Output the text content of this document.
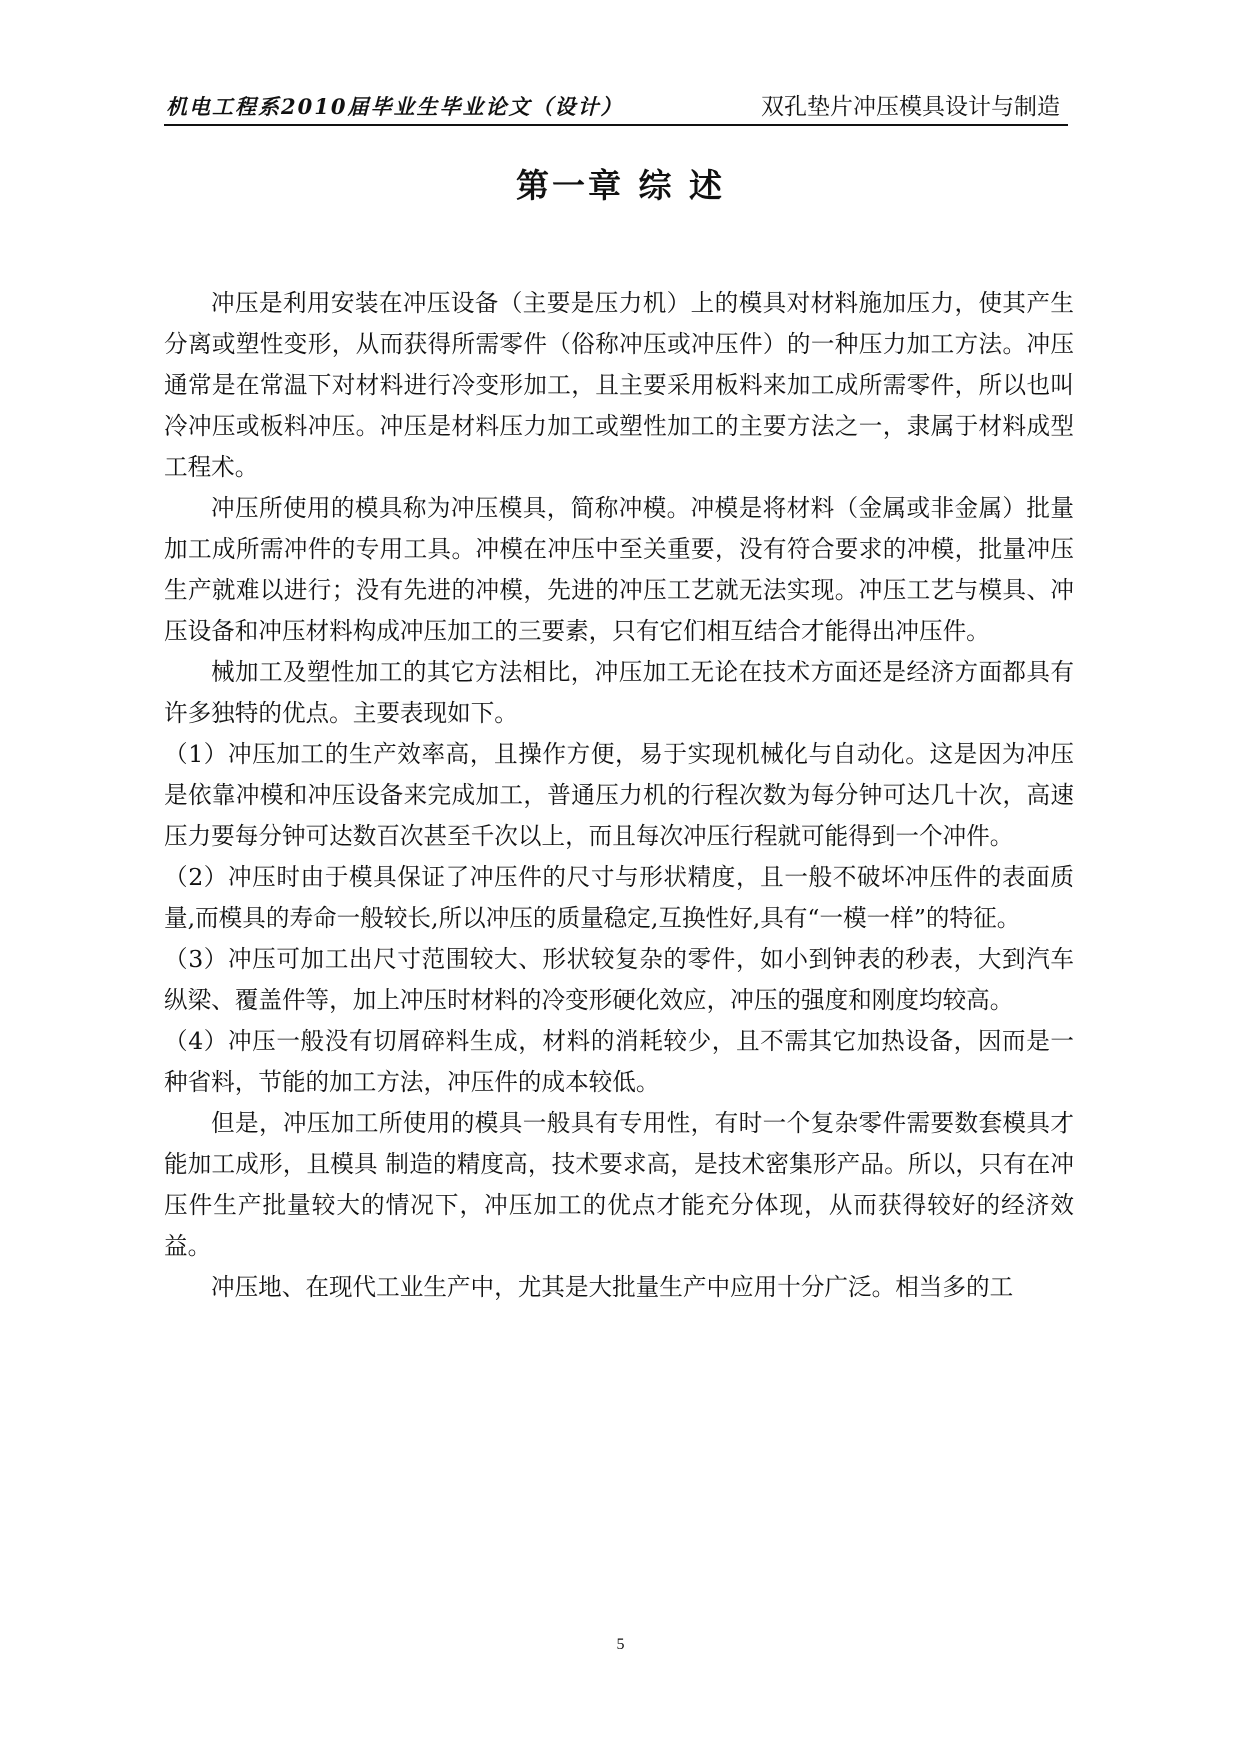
机电工程系2010届毕业生毕业论文（设计）	双孔垫片冲压模具设计与制造
第一章 综 述

冲压是利用安装在冲压设备（主要是压力机）上的模具对材料施加压力，使其产生分离或塑性变形，从而获得所需零件（俗称冲压或冲压件）的一种压力加工方法。冲压通常是在常温下对材料进行冷变形加工，且主要采用板料来加工成所需零件，所以也叫冷冲压或板料冲压。冲压是材料压力加工或塑性加工的主要方法之一，隶属于材料成型工程术。

冲压所使用的模具称为冲压模具，简称冲模。冲模是将材料（金属或非金属）批量加工成所需冲件的专用工具。冲模在冲压中至关重要，没有符合要求的冲模，批量冲压生产就难以进行；没有先进的冲模，先进的冲压工艺就无法实现。冲压工艺与模具、冲压设备和冲压材料构成冲压加工的三要素，只有它们相互结合才能得出冲压件。

械加工及塑性加工的其它方法相比，冲压加工无论在技术方面还是经济方面都具有许多独特的优点。主要表现如下。

（1）冲压加工的生产效率高，且操作方便，易于实现机械化与自动化。这是因为冲压是依靠冲模和冲压设备来完成加工，普通压力机的行程次数为每分钟可达几十次，高速压力要每分钟可达数百次甚至千次以上，而且每次冲压行程就可能得到一个冲件。

（2）冲压时由于模具保证了冲压件的尺寸与形状精度，且一般不破坏冲压件的表面质量,而模具的寿命一般较长,所以冲压的质量稳定,互换性好,具有“一模一样”的特征。

（3）冲压可加工出尺寸范围较大、形状较复杂的零件，如小到钟表的秒表，大到汽车纵梁、覆盖件等，加上冲压时材料的冷变形硬化效应，冲压的强度和刚度均较高。

（4）冲压一般没有切屑碎料生成，材料的消耗较少，且不需其它加热设备，因而是一种省料，节能的加工方法，冲压件的成本较低。

但是，冲压加工所使用的模具一般具有专用性，有时一个复杂零件需要数套模具才能加工成形，且模具 制造的精度高，技术要求高，是技术密集形产品。所以，只有在冲压件生产批量较大的情况下，冲压加工的优点才能充分体现，从而获得较好的经济效益。

冲压地、在现代工业生产中，尤其是大批量生产中应用十分广泛。相当多的工

5
